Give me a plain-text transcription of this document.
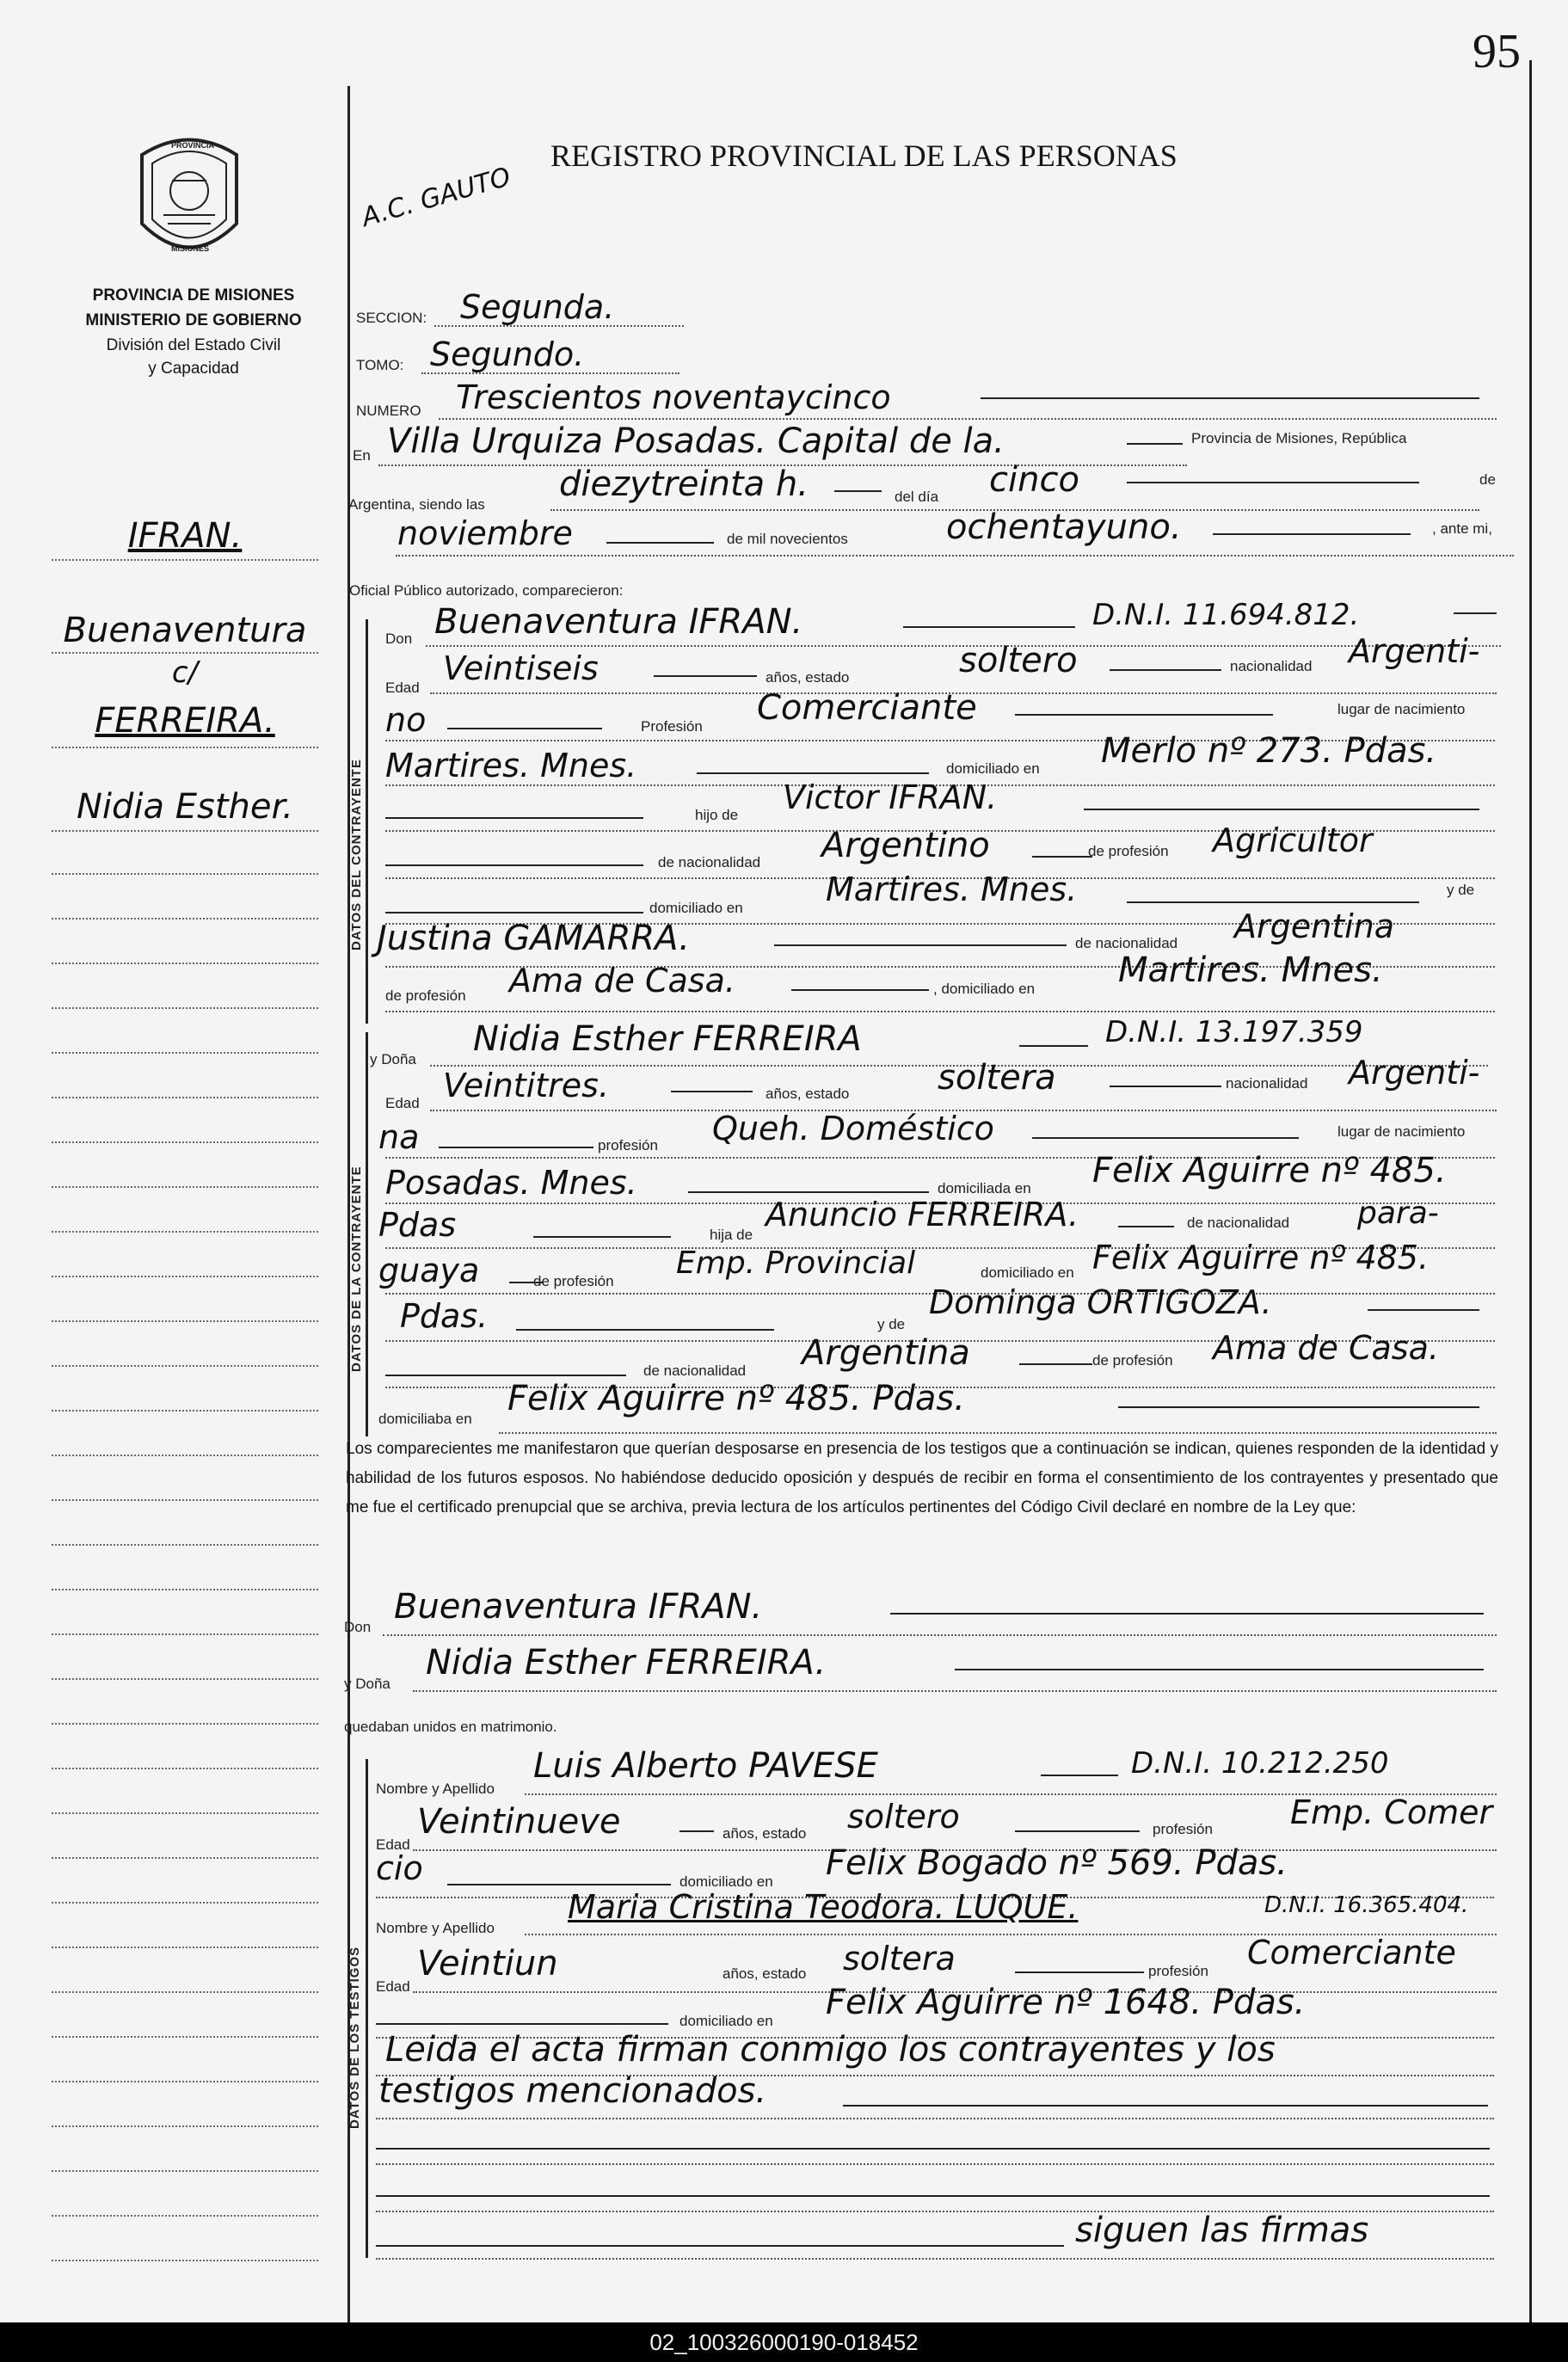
95
PROVINCIA
MISIONES
PROVINCIA DE MISIONES
MINISTERIO DE GOBIERNO
División del Estado Civil
y Capacidad
A.C. GAUTO
REGISTRO PROVINCIAL DE LAS PERSONAS
SECCION: Segunda.
TOMO: Segundo.
NUMERO Trescientos noventaycinco
En Villa Urquiza Posadas. Capital de la.	Provincia de Misiones, República
Argentina, siendo las
diezytreinta h.	del día cinco	de
noviembre	de mil novecientos	ochentayuno.	, ante mi,
Oficial Público autorizado, comparecieron:
IFRAN.
Buenaventura
c/
FERREIRA.
Nidia Esther.	DATOS DEL CONTRAYENTE
Don Buenaventura IFRAN.	D.N.I. 11.694.812.
Edad
Veintiseis	años, estado	soltero	nacionalidad Argenti-
no	Profesión Comerciante	lugar de nacimiento
Martires. Mnes.	domiciliado en Merlo nº 273. Pdas.
hijo de Victor IFRAN.
de nacionalidad Argentino	de profesión Agricultor
domiciliado en	Martires. Mnes.	y de
Justina GAMARRA.	de nacionalidad Argentina
de profesión Ama de Casa.	, domiciliado en Martires. Mnes.
DATOS DE LA CONTRAYENTE
y Doña
Nidia Esther FERREIRA	D.N.I. 13.197.359
Edad Veintitres.	años, estado	soltera	nacionalidad Argenti-
na	profesión Queh. Doméstico	lugar de nacimiento
Posadas. Mnes.	domiciliada en Felix Aguirre nº 485.
Pdas	hija de
Anuncio FERREIRA.	de nacionalidad para-
guaya	de profesión
Emp. Provincial	domiciliado en Felix Aguirre nº 485.
Pdas.	y de
Dominga ORTIGOZA.
de nacionalidad Argentina	de profesión Ama de Casa.
domiciliaba en
Felix Aguirre nº 485. Pdas.
Los comparecientes me manifestaron que querían desposarse en presencia de los testigos que a continuación se indican, quienes responden de la identidad y habilidad de los futuros esposos. No habiéndose deducido oposición y después de recibir en forma el consentimiento de los contrayentes y presentado que me fue el certificado prenupcial que se archiva, previa lectura de los artículos pertinentes del Código Civil declaré en nombre de la Ley que:
Don
Buenaventura IFRAN.
y Doña
Nidia Esther FERREIRA.
quedaban unidos en matrimonio.
DATOS DE LOS TESTIGOS
Nombre y Apellido
Luis Alberto PAVESE	D.N.I. 10.212.250
Edad
Veintinueve	años, estado soltero	profesión Emp. Comer
cio	domiciliado en Felix Bogado nº 569. Pdas.
Nombre y Apellido
Maria Cristina Teodora. LUQUE.	D.N.I. 16.365.404.
Edad
Veintiun	años, estado soltera	profesión Comerciante
domiciliado en Felix Aguirre nº 1648. Pdas.
Leida el acta firman conmigo los contrayentes y los
testigos mencionados.
siguen las firmas
02_100326000190-018452
